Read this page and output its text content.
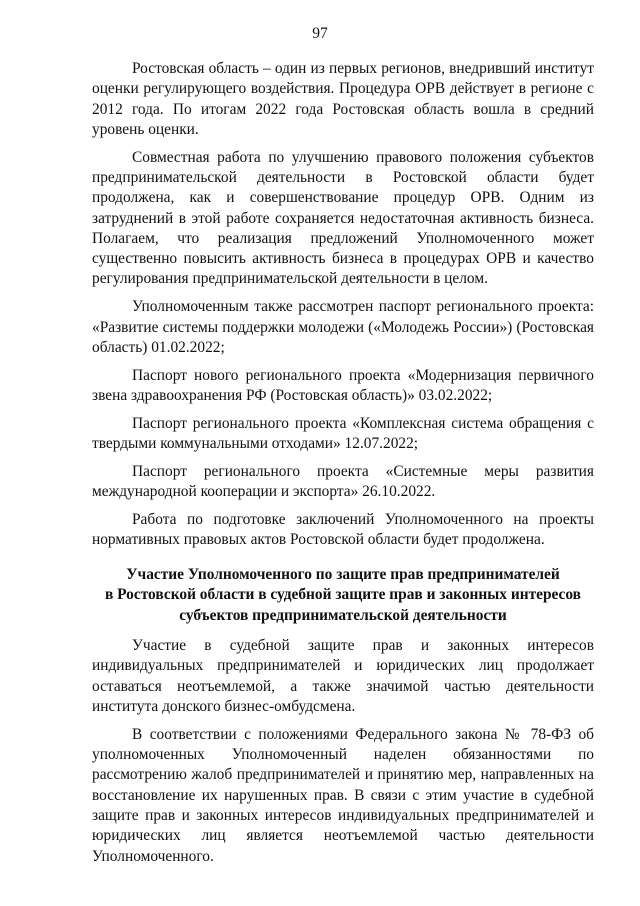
97

Ростовская область – один из первых регионов, внедривший институт оценки регулирующего воздействия. Процедура ОРВ действует в регионе с 2012 года. По итогам 2022 года Ростовская область вошла в средний уровень оценки.

Совместная работа по улучшению правового положения субъектов предпринимательской деятельности в Ростовской области будет продолжена, как и совершенствование процедур ОРВ. Одним из затруднений в этой работе сохраняется недостаточная активность бизнеса. Полагаем, что реализация предложений Уполномоченного может существенно повысить активность бизнеса в процедурах ОРВ и качество регулирования предпринимательской деятельности в целом.

Уполномоченным также рассмотрен паспорт регионального проекта: «Развитие системы поддержки молодежи («Молодежь России») (Ростовская область) 01.02.2022;

Паспорт нового регионального проекта «Модернизация первичного звена здравоохранения РФ (Ростовская область)» 03.02.2022;

Паспорт регионального проекта «Комплексная система обращения с твердыми коммунальными отходами» 12.07.2022;

Паспорт регионального проекта «Системные меры развития международной кооперации и экспорта» 26.10.2022.

Работа по подготовке заключений Уполномоченного на проекты нормативных правовых актов Ростовской области будет продолжена.

Участие Уполномоченного по защите прав предпринимателей
в Ростовской области в судебной защите прав и законных интересов
субъектов предпринимательской деятельности

Участие в судебной защите прав и законных интересов индивидуальных предпринимателей и юридических лиц продолжает оставаться неотъемлемой, а также значимой частью деятельности института донского бизнес-омбудсмена.

В соответствии с положениями Федерального закона № 78-ФЗ об уполномоченных Уполномоченный наделен обязанностями по рассмотрению жалоб предпринимателей и принятию мер, направленных на восстановление их нарушенных прав. В связи с этим участие в судебной защите прав и законных интересов индивидуальных предпринимателей и юридических лиц является неотъемлемой частью деятельности Уполномоченного.
